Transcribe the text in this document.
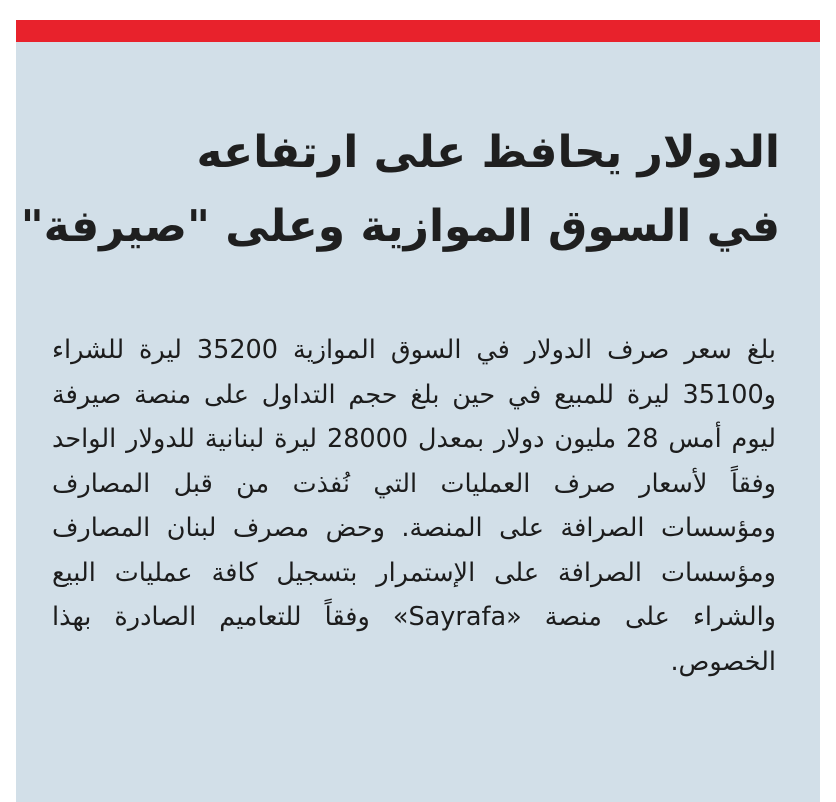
الدولار يحافظ على ارتفاعه
في السوق الموازية وعلى "صيرفة"

بلغ سعر صرف الدولار في السوق الموازية 35200 ليرة للشراء و35100 ليرة للمبيع في حين بلغ حجم التداول على منصة صيرفة ليوم أمس 28 مليون دولار بمعدل 28000 ليرة لبنانية للدولار الواحد وفقاً لأسعار صرف العمليات التي نُفذت من قبل المصارف ومؤسسات الصرافة على المنصة. وحض مصرف لبنان المصارف ومؤسسات الصرافة على الإستمرار بتسجيل كافة عمليات البيع والشراء على منصة «Sayrafa» وفقاً للتعاميم الصادرة بهذا الخصوص.
